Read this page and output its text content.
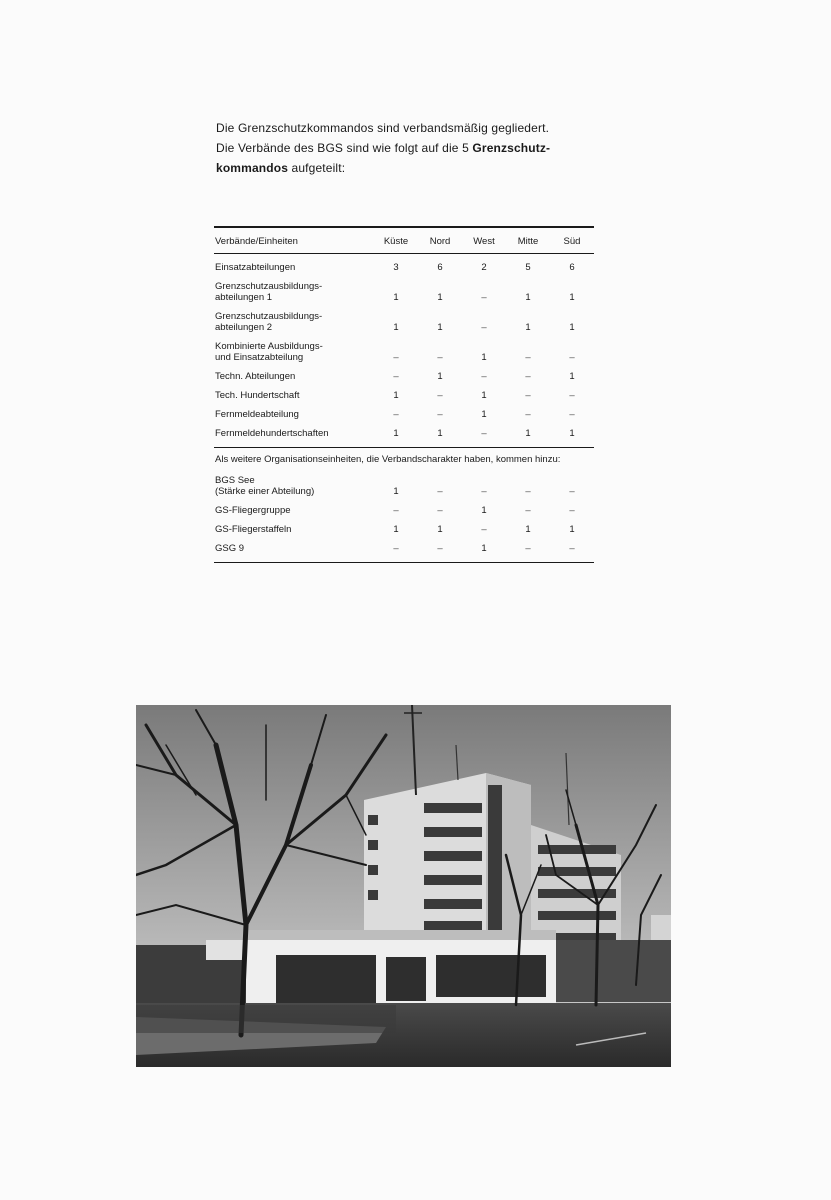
Die Grenzschutzkommandos sind verbandsmäßig gegliedert.

Die Verbände des BGS sind wie folgt auf die 5 Grenzschutz-

kommandos aufgeteilt:

Verbände/Einheiten	Küste	Nord	West	Mitte	Süd

Einsatzabteilungen	3	6	2	5	6

Grenzschutzausbildungs-
abteilungen 1	1	1	–	1	1

Grenzschutzausbildungs-
abteilungen 2	1	1	–	1	1

Kombinierte Ausbildungs-
und Einsatzabteilung	–	–	1	–	–

Techn. Abteilungen	–	1	–	–	1

Tech. Hundertschaft	1	–	1	–	–

Fernmeldeabteilung	–	–	1	–	–

Fernmeldehundertschaften	1	1	–	1	1

Als weitere Organisationseinheiten, die Verbandscharakter haben, kommen hinzu:					

BGS See
(Stärke einer Abteilung)	1	–	–	–	–

GS-Fliegergruppe	–	–	1	–	–

GS-Fliegerstaffeln	1	1	–	1	1

GSG 9	–	–	1	–	–
